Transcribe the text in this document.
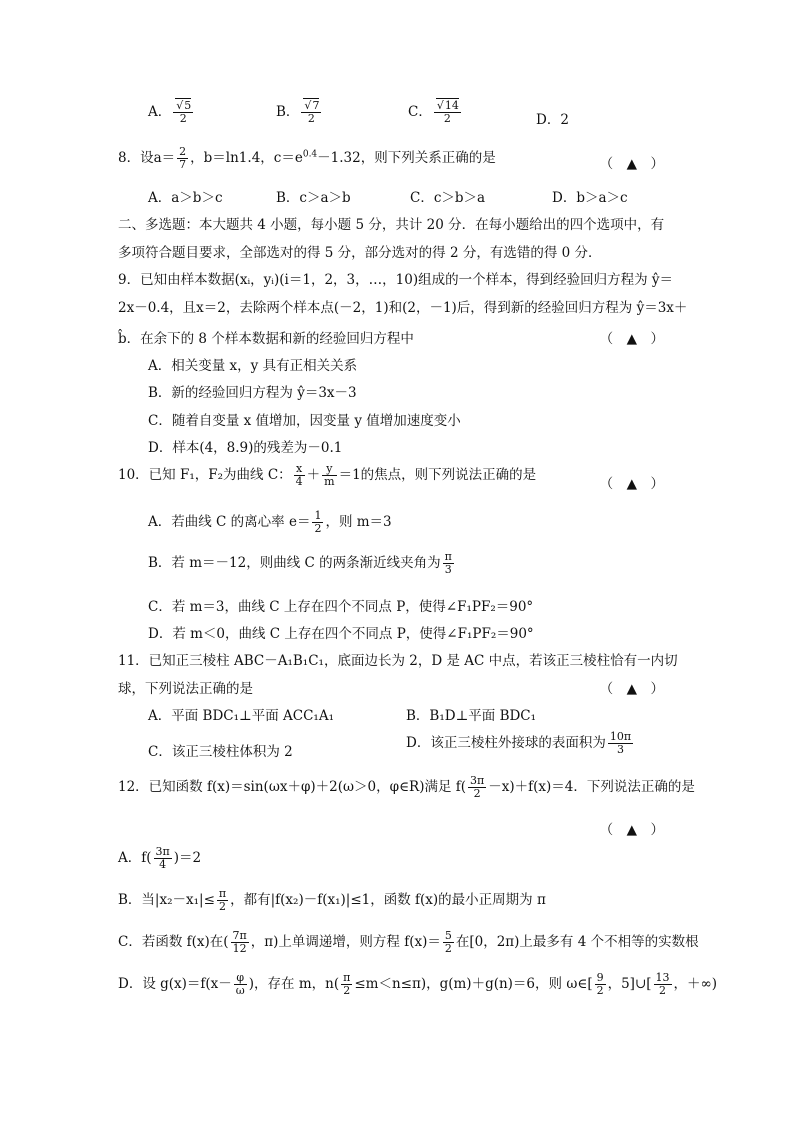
A． √ $\frac{5}{2}$	B． √ $\frac{7}{2}$	C． √ $\frac{14}{2}$	D．2
8．设$a= \frac{2}{7}$ ，b＝ln1.4，$c=e^{0.4}-1.32$，则下列关系正确的是	（　▲　）
A．a＞b＞c	B．c＞a＞b	C．c＞b＞a	D．b＞a＞c
二、多选题：本大题共 4 小题，每小题 5 分，共计 20 分．在每小题给出的四个选项中，有
多项符合题目要求，全部选对的得 5 分，部分选对的得 2 分，有选错的得 0 分．
9．已知由样本数据(xᵢ，yᵢ)(i＝1，2，3，…，10)组成的一个样本，得到经验回归方程为 ŷ＝
2x－0.4，且x＝2，去除两个样本点(－2，1)和(2，－1)后，得到新的经验回归方程为 ŷ＝3x＋
b̂．在余下的 8 个样本数据和新的经验回归方程中	（　▲　）
A．相关变量 x，y 具有正相关关系
B．新的经验回归方程为 ŷ＝3x－3
C．随着自变量 x 值增加，因变量 y 值增加速度变小
D．样本(4，8.9)的残差为－0.1
10．已知 F₁，F₂为曲线 C： $\frac{x}{4} + \frac{y}{m} =1$的焦点，则下列说法正确的是
（　▲　）
A．若曲线 C 的离心率 $e= \frac{1}{2}$ ，则 m＝3
B．若 m＝－12，则曲线 C 的两条渐近线夹角为 $\frac{\pi}{3}$
C．若 m＝3，曲线 C 上存在四个不同点 P，使得∠F₁PF₂＝90°
D．若 m＜0，曲线 C 上存在四个不同点 P，使得∠F₁PF₂＝90°
11．已知正三棱柱 ABC－A₁B₁C₁，底面边长为 2，D 是 AC 中点，若该正三棱柱恰有一内切
球，下列说法正确的是	（　▲　）
A．平面 BDC₁⊥平面 ACC₁A₁	B．B₁D⊥平面 BDC₁
C．该正三棱柱体积为 2
D．该正三棱柱外接球的表面积为 $\frac{10\pi}{3}$
12．已知函数 f(x)＝sin(ωx＋φ)＋2(ω＞0，φ∈R)满足 $f( \frac{3\pi}{2} -x)+f(x)=4$．下列说法正确的是
（　▲　）
A．$f( \frac{3\pi}{4} )=2$
B．当$|x_2-x_1|\le \frac{\pi}{2}$ ，都有|f(x₂)－f(x₁)|≤1，函数 f(x)的最小正周期为 π
C．若函数 f(x)在( $\frac{7\pi}{12}$ ，π)上单调递增，则方程 $f(x)= \frac{5}{2}$ 在[0，2π)上最多有 4 个不相等的实数根
D．设 $g(x)=f(x- \frac{\varphi}{\omega}$ )，存在 m，$n( \frac{\pi}{2} \le m<n\le\pi)$，g(m)＋g(n)＝6，则 ω∈[ $\frac{9}{2}$ ，5]∪[ $\frac{13}{2}$ ，＋∞)
